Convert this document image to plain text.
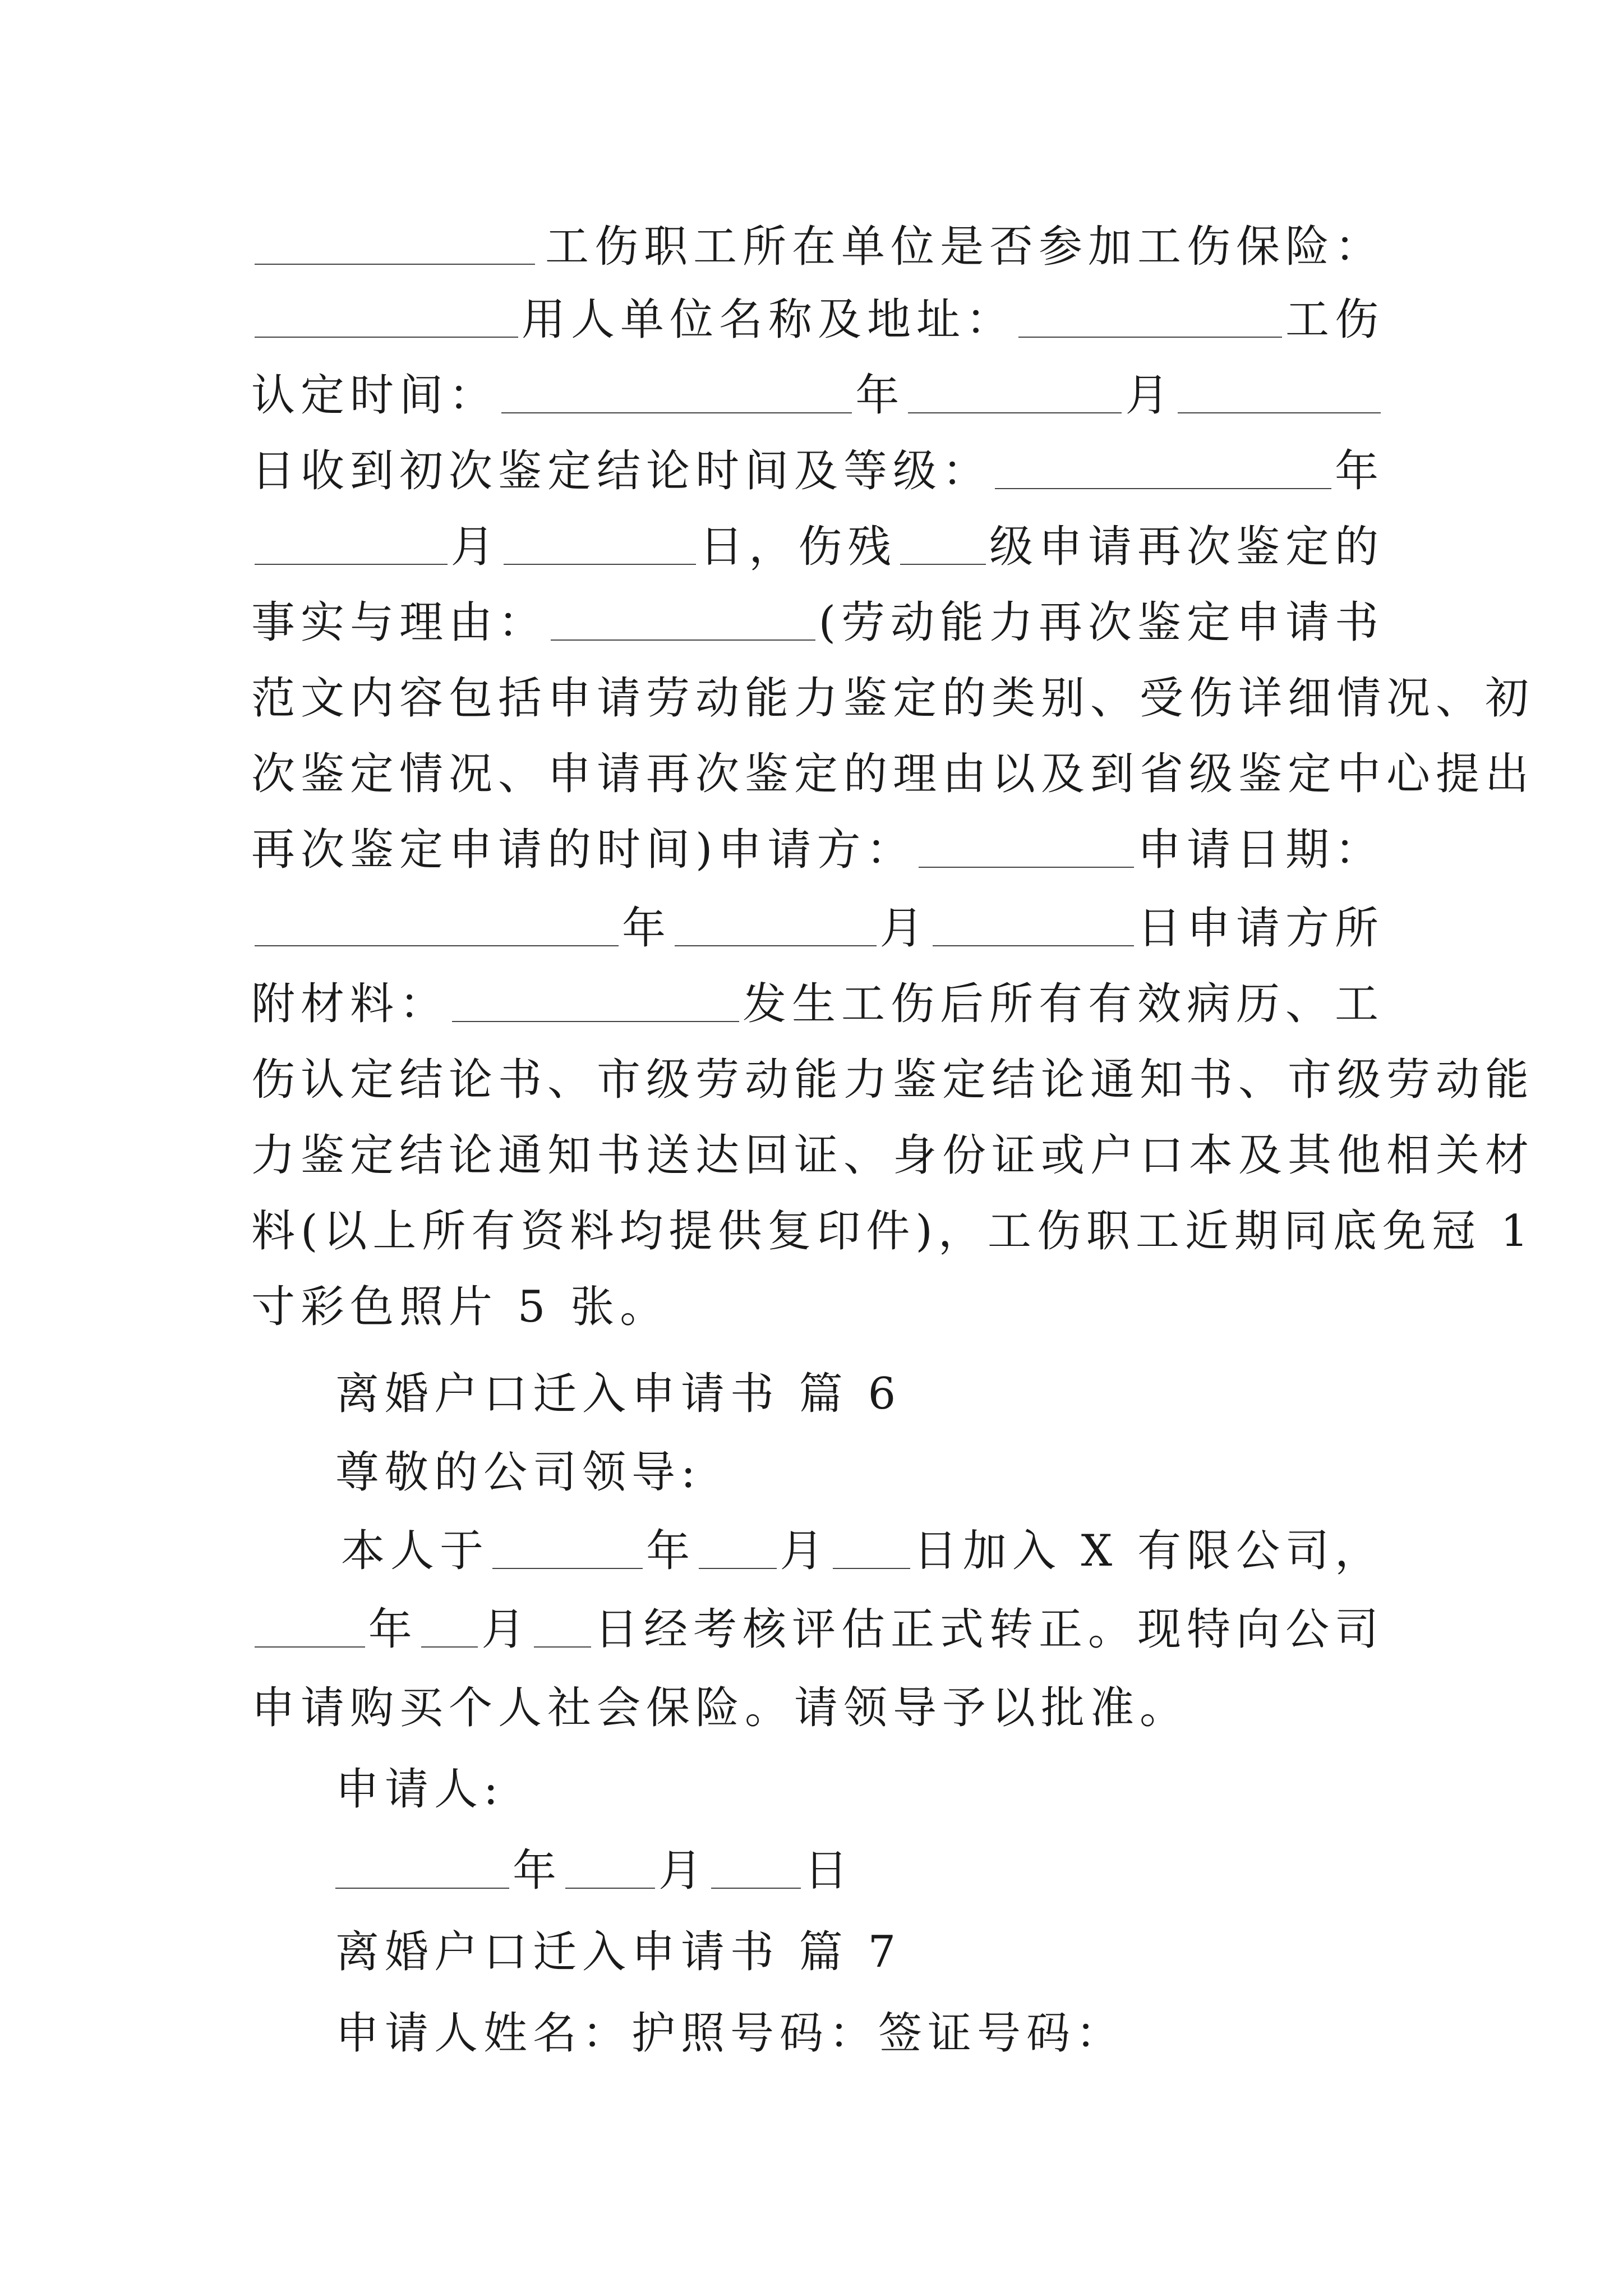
工伤职工所在单位是否参加工伤保险：
用人单位名称及地址：	工伤
认定时间：	年	月
日收到初次鉴定结论时间及等级：	年
月	日，伤残 级申请再次鉴定的
事实与理由：	(劳动能力再次鉴定申请书
范文内容包括申请劳动能力鉴定的类别、受伤详细情况、初
次鉴定情况、申请再次鉴定的理由以及到省级鉴定中心提出
再次鉴定申请的时间)申请方：	申请日期：
年	月	日申请方所
附材料：	发生工伤后所有有效病历、工
伤认定结论书、市级劳动能力鉴定结论通知书、市级劳动能
力鉴定结论通知书送达回证、身份证或户口本及其他相关材
料(以上所有资料均提供复印件)，工伤职工近期同底免冠 1
寸彩色照片 5 张。
离婚户口迁入申请书 篇 6
尊敬的公司领导:
本人于	年 月 日加入 X 有限公司，
年 月 日经考核评估正式转正。现特向公司
申请购买个人社会保险。请领导予以批准。
申请人:
年 月 日
离婚户口迁入申请书 篇 7
申请人姓名：护照号码：签证号码：
